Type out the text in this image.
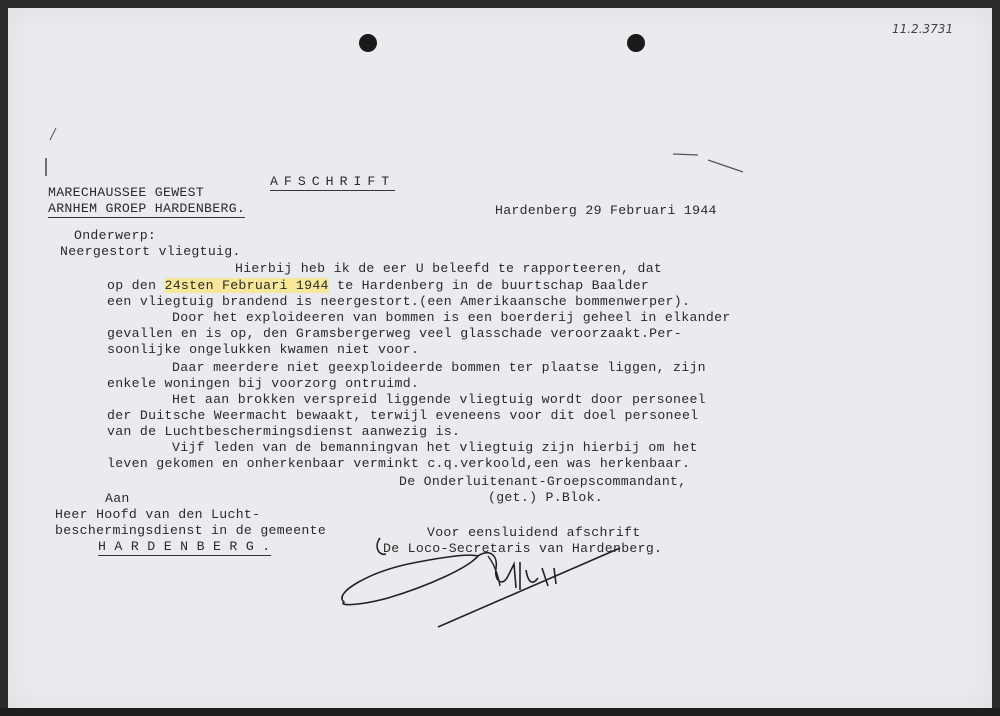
11.2.3731
MARECHAUSSEE GEWEST
ARNHEM GROEP HARDENBERG.
AFSCHRIFT
Hardenberg 29 Februari 1944
Onderwerp:
Neergestort vliegtuig.
Hierbij heb ik de eer U beleefd te rapporteeren, dat
op den 24sten Februari 1944 te Hardenberg in de buurtschap Baalder
een vliegtuig brandend is neergestort.(een Amerikaansche bommenwerper).
Door het exploideeren van bommen is een boerderij geheel in elkander
gevallen en is op, den Gramsbergerweg veel glasschade veroorzaakt.Per-
soonlijke ongelukken kwamen niet voor.
Daar meerdere niet geexploideerde bommen ter plaatse liggen, zijn
enkele woningen bij voorzorg ontruimd.
Het aan brokken verspreid liggende vliegtuig wordt door personeel
der Duitsche Weermacht bewaakt, terwijl eveneens voor dit doel personeel
van de Luchtbeschermingsdienst aanwezig is.
Vijf leden van de bemanningvan het vliegtuig zijn hierbij om het
leven gekomen en onherkenbaar verminkt c.q.verkoold,een was herkenbaar.
De Onderluitenant-Groepscommandant,
(get.) P.Blok.
Aan
Heer Hoofd van den Lucht-
beschermingsdienst in de gemeente
H A R D E N B E R G .
Voor eensluidend afschrift
De Loco-Secretaris van Hardenberg.
